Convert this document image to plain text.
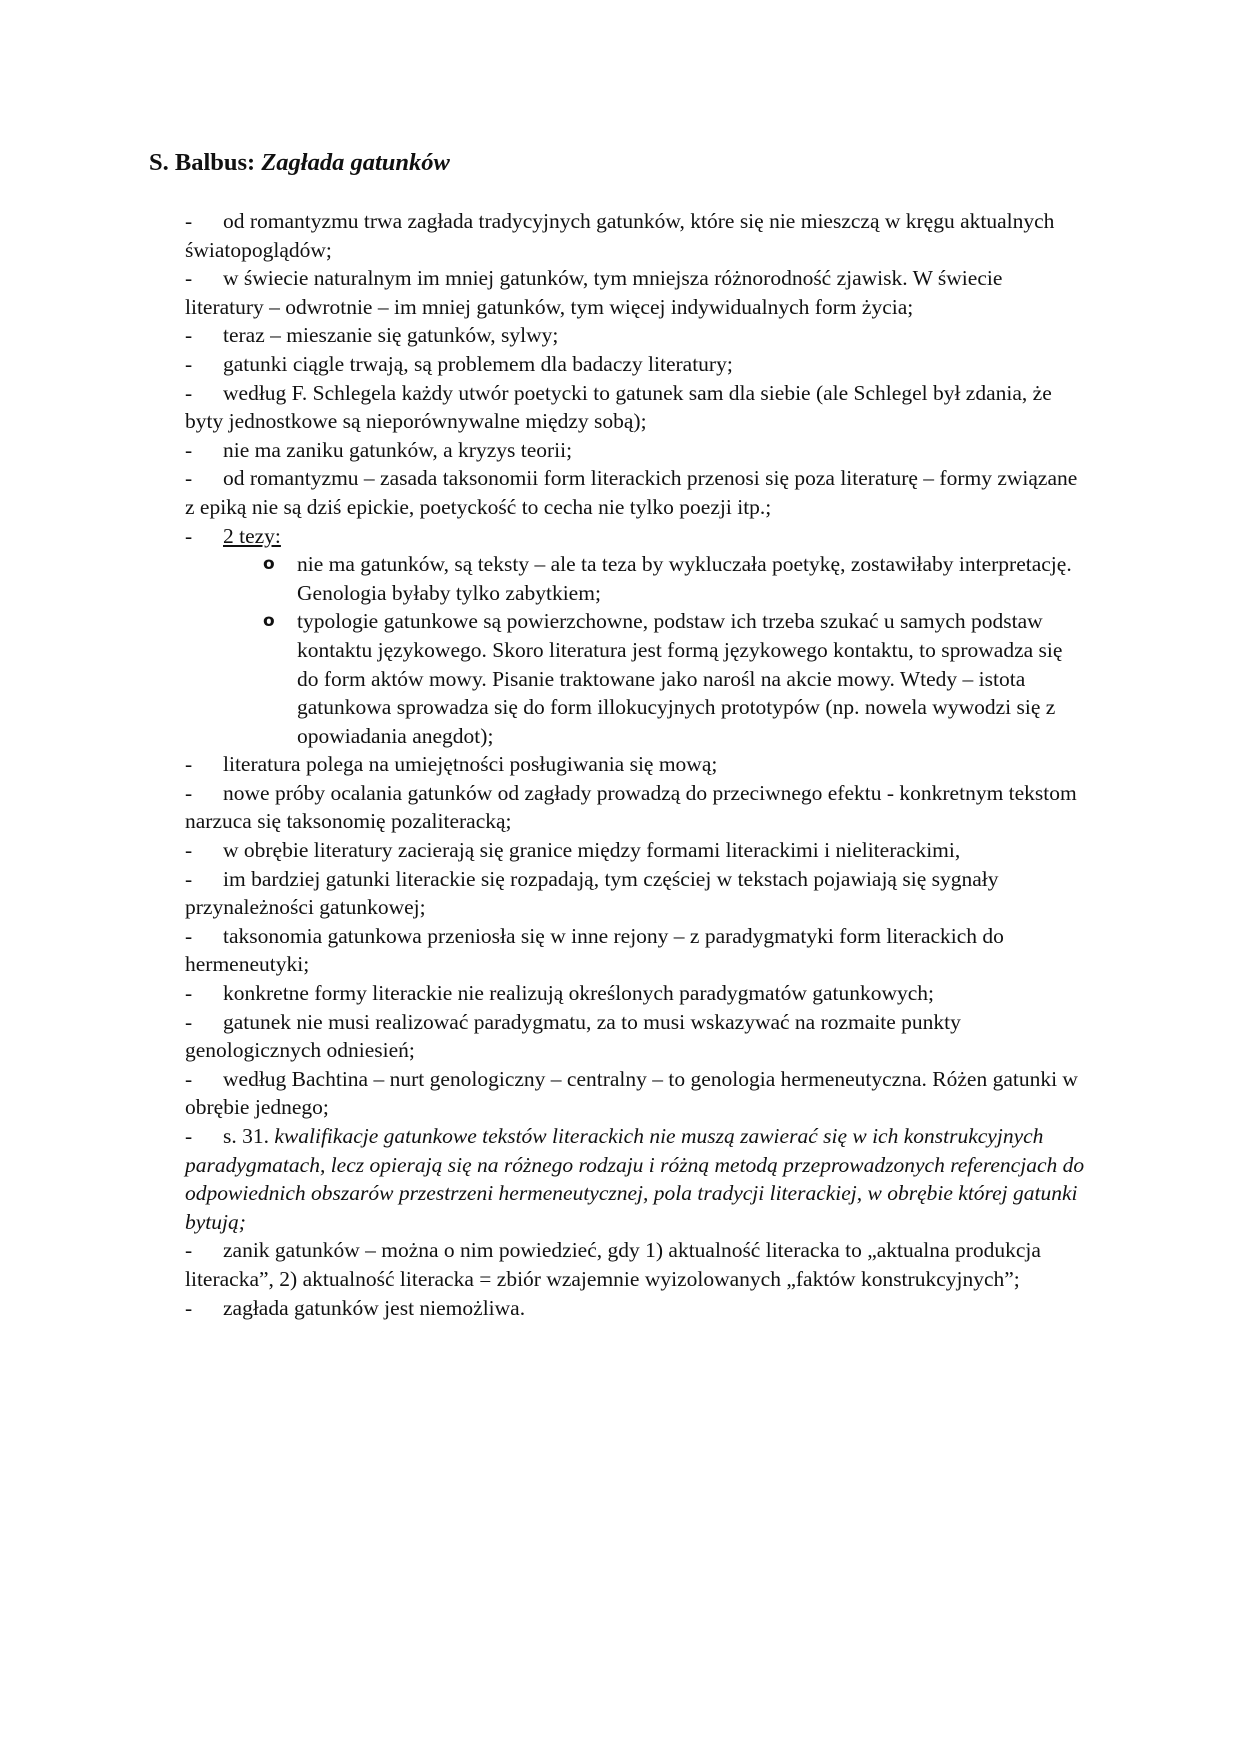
S. Balbus: Zagłada gatunków

- od romantyzmu trwa zagłada tradycyjnych gatunków, które się nie mieszczą w kręgu aktualnych światopoglądów;

- w świecie naturalnym im mniej gatunków, tym mniejsza różnorodność zjawisk. W świecie literatury – odwrotnie – im mniej gatunków, tym więcej indywidualnych form życia;

- teraz – mieszanie się gatunków, sylwy;

- gatunki ciągle trwają, są problemem dla badaczy literatury;

- według F. Schlegela każdy utwór poetycki to gatunek sam dla siebie (ale Schlegel był zdania, że byty jednostkowe są nieporównywalne między sobą);

- nie ma zaniku gatunków, a kryzys teorii;

- od romantyzmu – zasada taksonomii form literackich przenosi się poza literaturę – formy związane z epiką nie są dziś epickie, poetyckość to cecha nie tylko poezji itp.;

- 2 tezy:

o nie ma gatunków, są teksty – ale ta teza by wykluczała poetykę, zostawiłaby interpretację. Genologia byłaby tylko zabytkiem;

o typologie gatunkowe są powierzchowne, podstaw ich trzeba szukać u samych podstaw kontaktu językowego. Skoro literatura jest formą językowego kontaktu, to sprowadza się do form aktów mowy. Pisanie traktowane jako narośl na akcie mowy. Wtedy – istota gatunkowa sprowadza się do form illokucyjnych prototypów (np. nowela wywodzi się z opowiadania anegdot);

- literatura polega na umiejętności posługiwania się mową;

- nowe próby ocalania gatunków od zagłady prowadzą do przeciwnego efektu - konkretnym tekstom narzuca się taksonomię pozaliteracką;

- w obrębie literatury zacierają się granice między formami literackimi i nieliterackimi,

- im bardziej gatunki literackie się rozpadają, tym częściej w tekstach pojawiają się sygnały przynależności gatunkowej;

- taksonomia gatunkowa przeniosła się w inne rejony – z paradygmatyki form literackich do hermeneutyki;

- konkretne formy literackie nie realizują określonych paradygmatów gatunkowych;

- gatunek nie musi realizować paradygmatu, za to musi wskazywać na rozmaite punkty genologicznych odniesień;

- według Bachtina – nurt genologiczny – centralny – to genologia hermeneutyczna. Różen gatunki w obrębie jednego;

- s. 31. kwalifikacje gatunkowe tekstów literackich nie muszą zawierać się w ich konstrukcyjnych paradygmatach, lecz opierają się na różnego rodzaju i różną metodą przeprowadzonych referencjach do odpowiednich obszarów przestrzeni hermeneutycznej, pola tradycji literackiej, w obrębie której gatunki bytują;

- zanik gatunków – można o nim powiedzieć, gdy 1) aktualność literacka to „aktualna produkcja literacka”, 2) aktualność literacka = zbiór wzajemnie wyizolowanych „faktów konstrukcyjnych”;

- zagłada gatunków jest niemożliwa.
